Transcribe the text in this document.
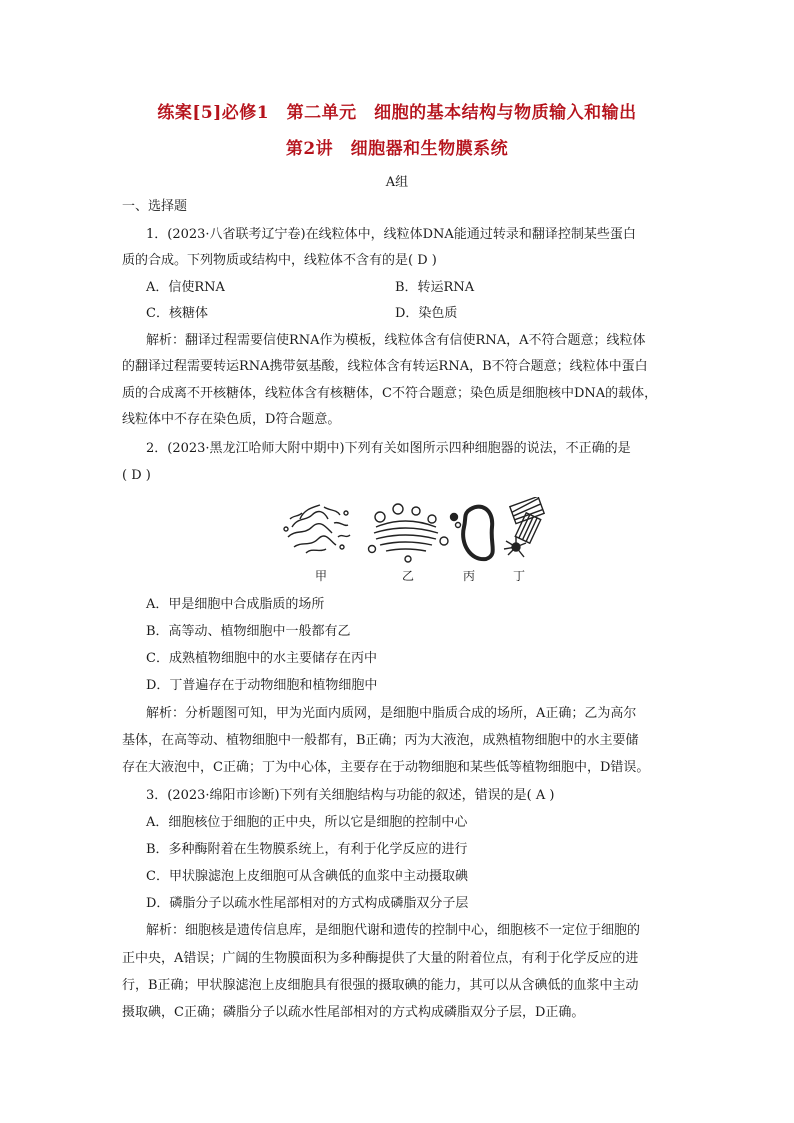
练案[5]必修1　第二单元　细胞的基本结构与物质输入和输出
第2讲　细胞器和生物膜系统
A组
一、选择题
1．(2023·八省联考辽宁卷)在线粒体中，线粒体DNA能通过转录和翻译控制某些蛋白
质的合成。下列物质或结构中，线粒体不含有的是( D )
A．信使RNA	B．转运RNA
C．核糖体	D．染色质
解析：翻译过程需要信使RNA作为模板，线粒体含有信使RNA，A不符合题意；线粒体
的翻译过程需要转运RNA携带氨基酸，线粒体含有转运RNA，B不符合题意；线粒体中蛋白
质的合成离不开核糖体，线粒体含有核糖体，C不符合题意；染色质是细胞核中DNA的载体，
线粒体中不存在染色质，D符合题意。
2．(2023·黑龙江哈师大附中期中)下列有关如图所示四种细胞器的说法，不正确的是
( D )
甲	乙	丙	丁
A．甲是细胞中合成脂质的场所
B．高等动、植物细胞中一般都有乙
C．成熟植物细胞中的水主要储存在丙中
D．丁普遍存在于动物细胞和植物细胞中
解析：分析题图可知，甲为光面内质网，是细胞中脂质合成的场所，A正确；乙为高尔
基体，在高等动、植物细胞中一般都有，B正确；丙为大液泡，成熟植物细胞中的水主要储
存在大液泡中，C正确；丁为中心体，主要存在于动物细胞和某些低等植物细胞中，D错误。
3．(2023·绵阳市诊断)下列有关细胞结构与功能的叙述，错误的是( A )
A．细胞核位于细胞的正中央，所以它是细胞的控制中心
B．多种酶附着在生物膜系统上，有利于化学反应的进行
C．甲状腺滤泡上皮细胞可从含碘低的血浆中主动摄取碘
D．磷脂分子以疏水性尾部相对的方式构成磷脂双分子层
解析：细胞核是遗传信息库，是细胞代谢和遗传的控制中心，细胞核不一定位于细胞的
正中央，A错误；广阔的生物膜面积为多种酶提供了大量的附着位点，有利于化学反应的进
行，B正确；甲状腺滤泡上皮细胞具有很强的摄取碘的能力，其可以从含碘低的血浆中主动
摄取碘，C正确；磷脂分子以疏水性尾部相对的方式构成磷脂双分子层，D正确。
